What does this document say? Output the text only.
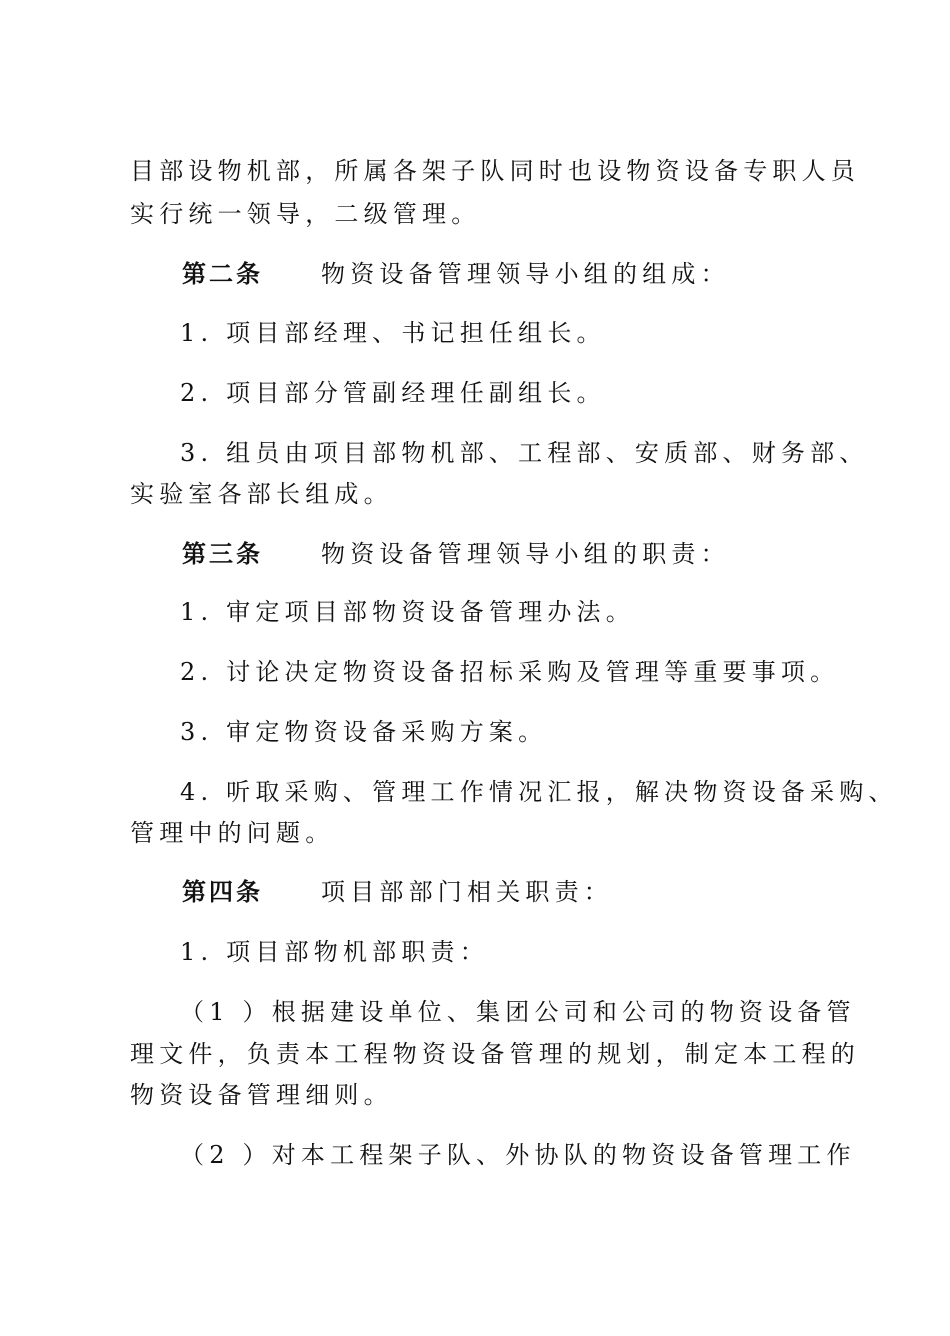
目部设物机部，所属各架子队同时也设物资设备专职人员
实行统一领导，二级管理。
第二条 物资设备管理领导小组的组成：
1. 项目部经理、书记担任组长。
2. 项目部分管副经理任副组长。
3. 组员由项目部物机部、工程部、安质部、财务部、
实验室各部长组成。
第三条 物资设备管理领导小组的职责：
1. 审定项目部物资设备管理办法。
2. 讨论决定物资设备招标采购及管理等重要事项。
3. 审定物资设备采购方案。
4. 听取采购、管理工作情况汇报，解决物资设备采购、
管理中的问题。
第四条 项目部部门相关职责：
1. 项目部物机部职责：
（1 ）根据建设单位、集团公司和公司的物资设备管
理文件，负责本工程物资设备管理的规划，制定本工程的
物资设备管理细则。
（2 ）对本工程架子队、外协队的物资设备管理工作
